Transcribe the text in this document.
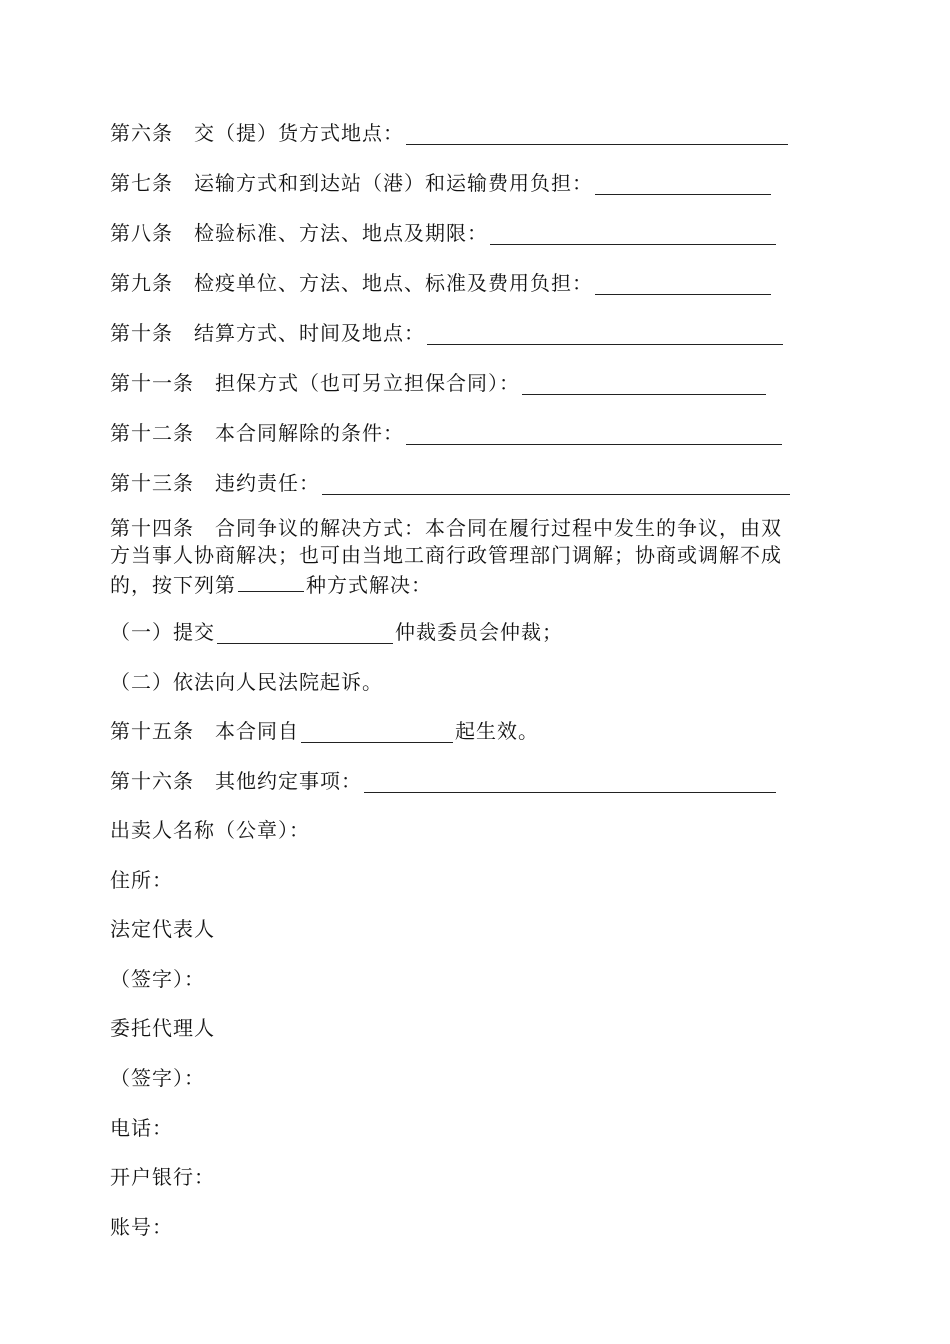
第六条　交（提）货方式地点：
第七条　运输方式和到达站（港）和运输费用负担：
第八条　检验标准、方法、地点及期限：
第九条　检疫单位、方法、地点、标准及费用负担：
第十条　结算方式、时间及地点：
第十一条　担保方式（也可另立担保合同）：
第十二条　本合同解除的条件：
第十三条　违约责任：
第十四条　合同争议的解决方式：本合同在履行过程中发生的争议，由双
方当事人协商解决；也可由当地工商行政管理部门调解；协商或调解不成
的，按下列第	种方式解决：
（一）提交	仲裁委员会仲裁；
（二）依法向人民法院起诉。
第十五条　本合同自	起生效。
第十六条　其他约定事项：
出卖人名称（公章）：
住所：
法定代表人
（签字）：
委托代理人
（签字）：
电话：
开户银行：
账号：
